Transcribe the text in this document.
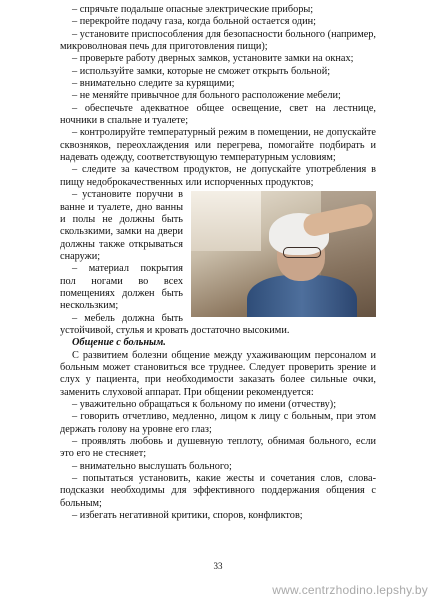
– спрячьте подальше опасные электрические приборы;

– перекройте подачу газа, когда больной остается один;

– установите приспособления для безопасности больного (например, микроволновая печь для приготовления пищи);

– проверьте работу дверных замков, установите замки на окнах;

– используйте замки, которые не сможет открыть больной;

– внимательно следите за курящими;

– не меняйте привычное для больного расположение мебели;

– обеспечьте адекватное общее освещение, свет на лестнице, ночники в спальне и туалете;

– контролируйте температурный режим в помещении, не допускайте сквозняков, переохлаждения или перегрева, помогайте подбирать и надевать одежду, соответствующую температурным условиям;

– следите за качеством продуктов, не допускайте употребления в пищу недоброкачественных или испорченных продуктов;

– установите поручни в ванне и туалете, дно ванны и полы не должны быть скользкими, замки на двери должны также открываться снаружи;

– материал покрытия пол ногами во всех помещениях должен быть нескользким;

– мебель должна быть устойчивой, стулья и кровать достаточно высокими.

Общение с больным.

С развитием болезни общение между ухаживающим персоналом и больным может становиться все труднее. Следует проверить зрение и слух у пациента, при необходимости заказать более сильные очки, заменить слуховой аппарат. При общении рекомендуется:

– уважительно обращаться к больному по имени (отчеству);

– говорить отчетливо, медленно, лицом к лицу с больным, при этом держать голову на уровне его глаз;

– проявлять любовь и душевную теплоту, обнимая больного, если это его не стесняет;

– внимательно выслушать больного;

– попытаться установить, какие жесты и сочетания слов, слова-подсказки необходимы для эффективного поддержания общения с больным;

– избегать негативной критики, споров, конфликтов;

33
www.centrzhodino.lepshy.by
